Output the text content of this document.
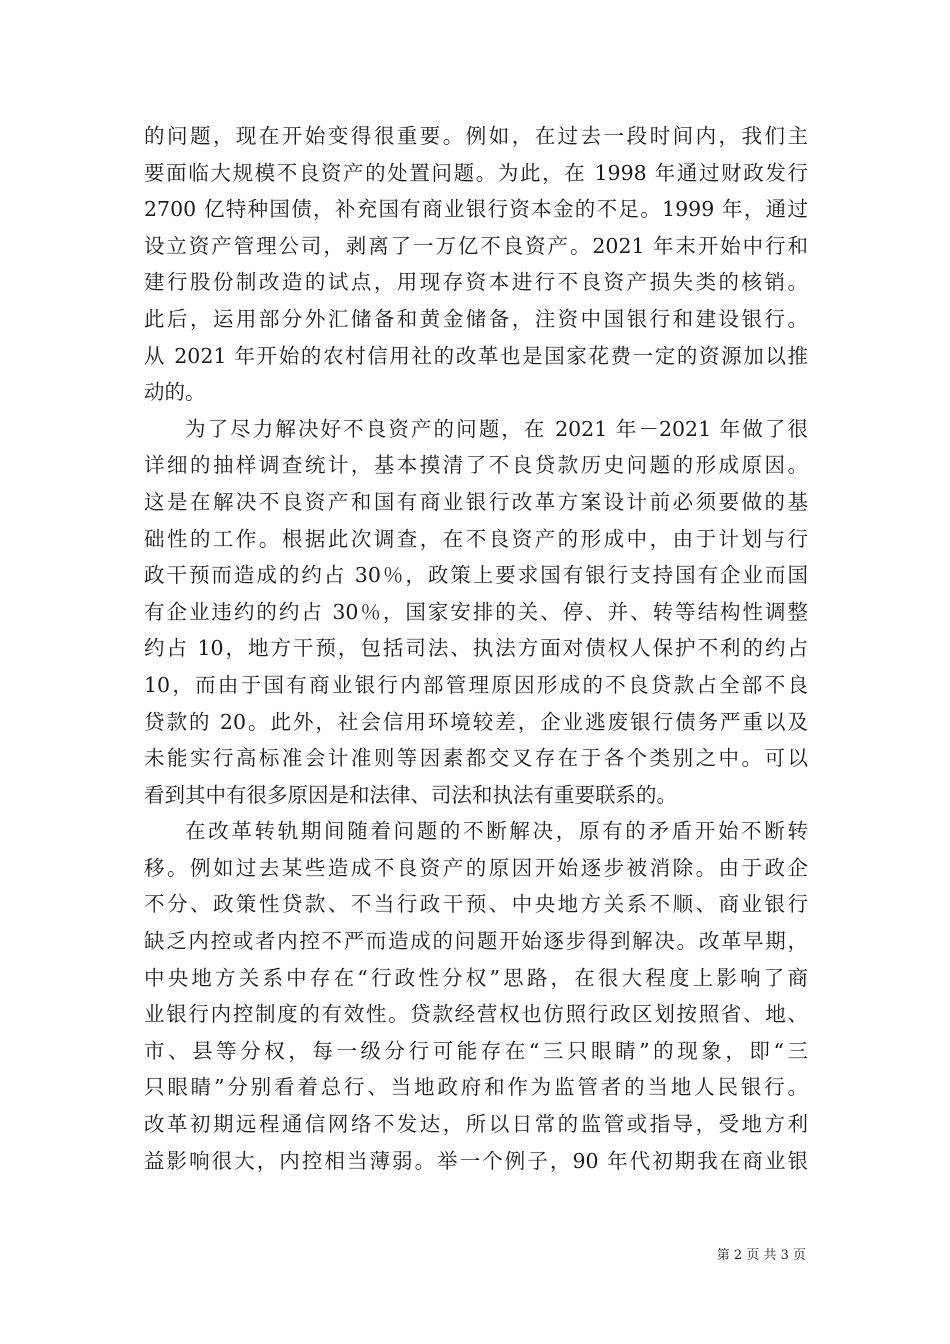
的问题，现在开始变得很重要。例如，在过去一段时间内，我们主
要面临大规模不良资产的处置问题。为此，在 1998 年通过财政发行
2700 亿特种国债，补充国有商业银行资本金的不足。1999 年，通过
设立资产管理公司，剥离了一万亿不良资产。2021 年末开始中行和
建行股份制改造的试点，用现存资本进行不良资产损失类的核销。
此后，运用部分外汇储备和黄金储备，注资中国银行和建设银行。
从 2021 年开始的农村信用社的改革也是国家花费一定的资源加以推
动的。
为了尽力解决好不良资产的问题，在 2021 年－2021 年做了很
详细的抽样调查统计，基本摸清了不良贷款历史问题的形成原因。
这是在解决不良资产和国有商业银行改革方案设计前必须要做的基
础性的工作。根据此次调查，在不良资产的形成中，由于计划与行
政干预而造成的约占 30％，政策上要求国有银行支持国有企业而国
有企业违约的约占 30％，国家安排的关、停、并、转等结构性调整
约占 10，地方干预，包括司法、执法方面对债权人保护不利的约占
10，而由于国有商业银行内部管理原因形成的不良贷款占全部不良
贷款的 20。此外，社会信用环境较差，企业逃废银行债务严重以及
未能实行高标准会计准则等因素都交叉存在于各个类别之中。可以
看到其中有很多原因是和法律、司法和执法有重要联系的。
在改革转轨期间随着问题的不断解决，原有的矛盾开始不断转
移。例如过去某些造成不良资产的原因开始逐步被消除。由于政企
不分、政策性贷款、不当行政干预、中央地方关系不顺、商业银行
缺乏内控或者内控不严而造成的问题开始逐步得到解决。改革早期，
中央地方关系中存在“行政性分权”思路，在很大程度上影响了商
业银行内控制度的有效性。贷款经营权也仿照行政区划按照省、地、
市、县等分权，每一级分行可能存在“三只眼睛”的现象，即“三
只眼睛”分别看着总行、当地政府和作为监管者的当地人民银行。
改革初期远程通信网络不发达，所以日常的监管或指导，受地方利
益影响很大，内控相当薄弱。举一个例子，90 年代初期我在商业银
第 2 页 共 3 页
